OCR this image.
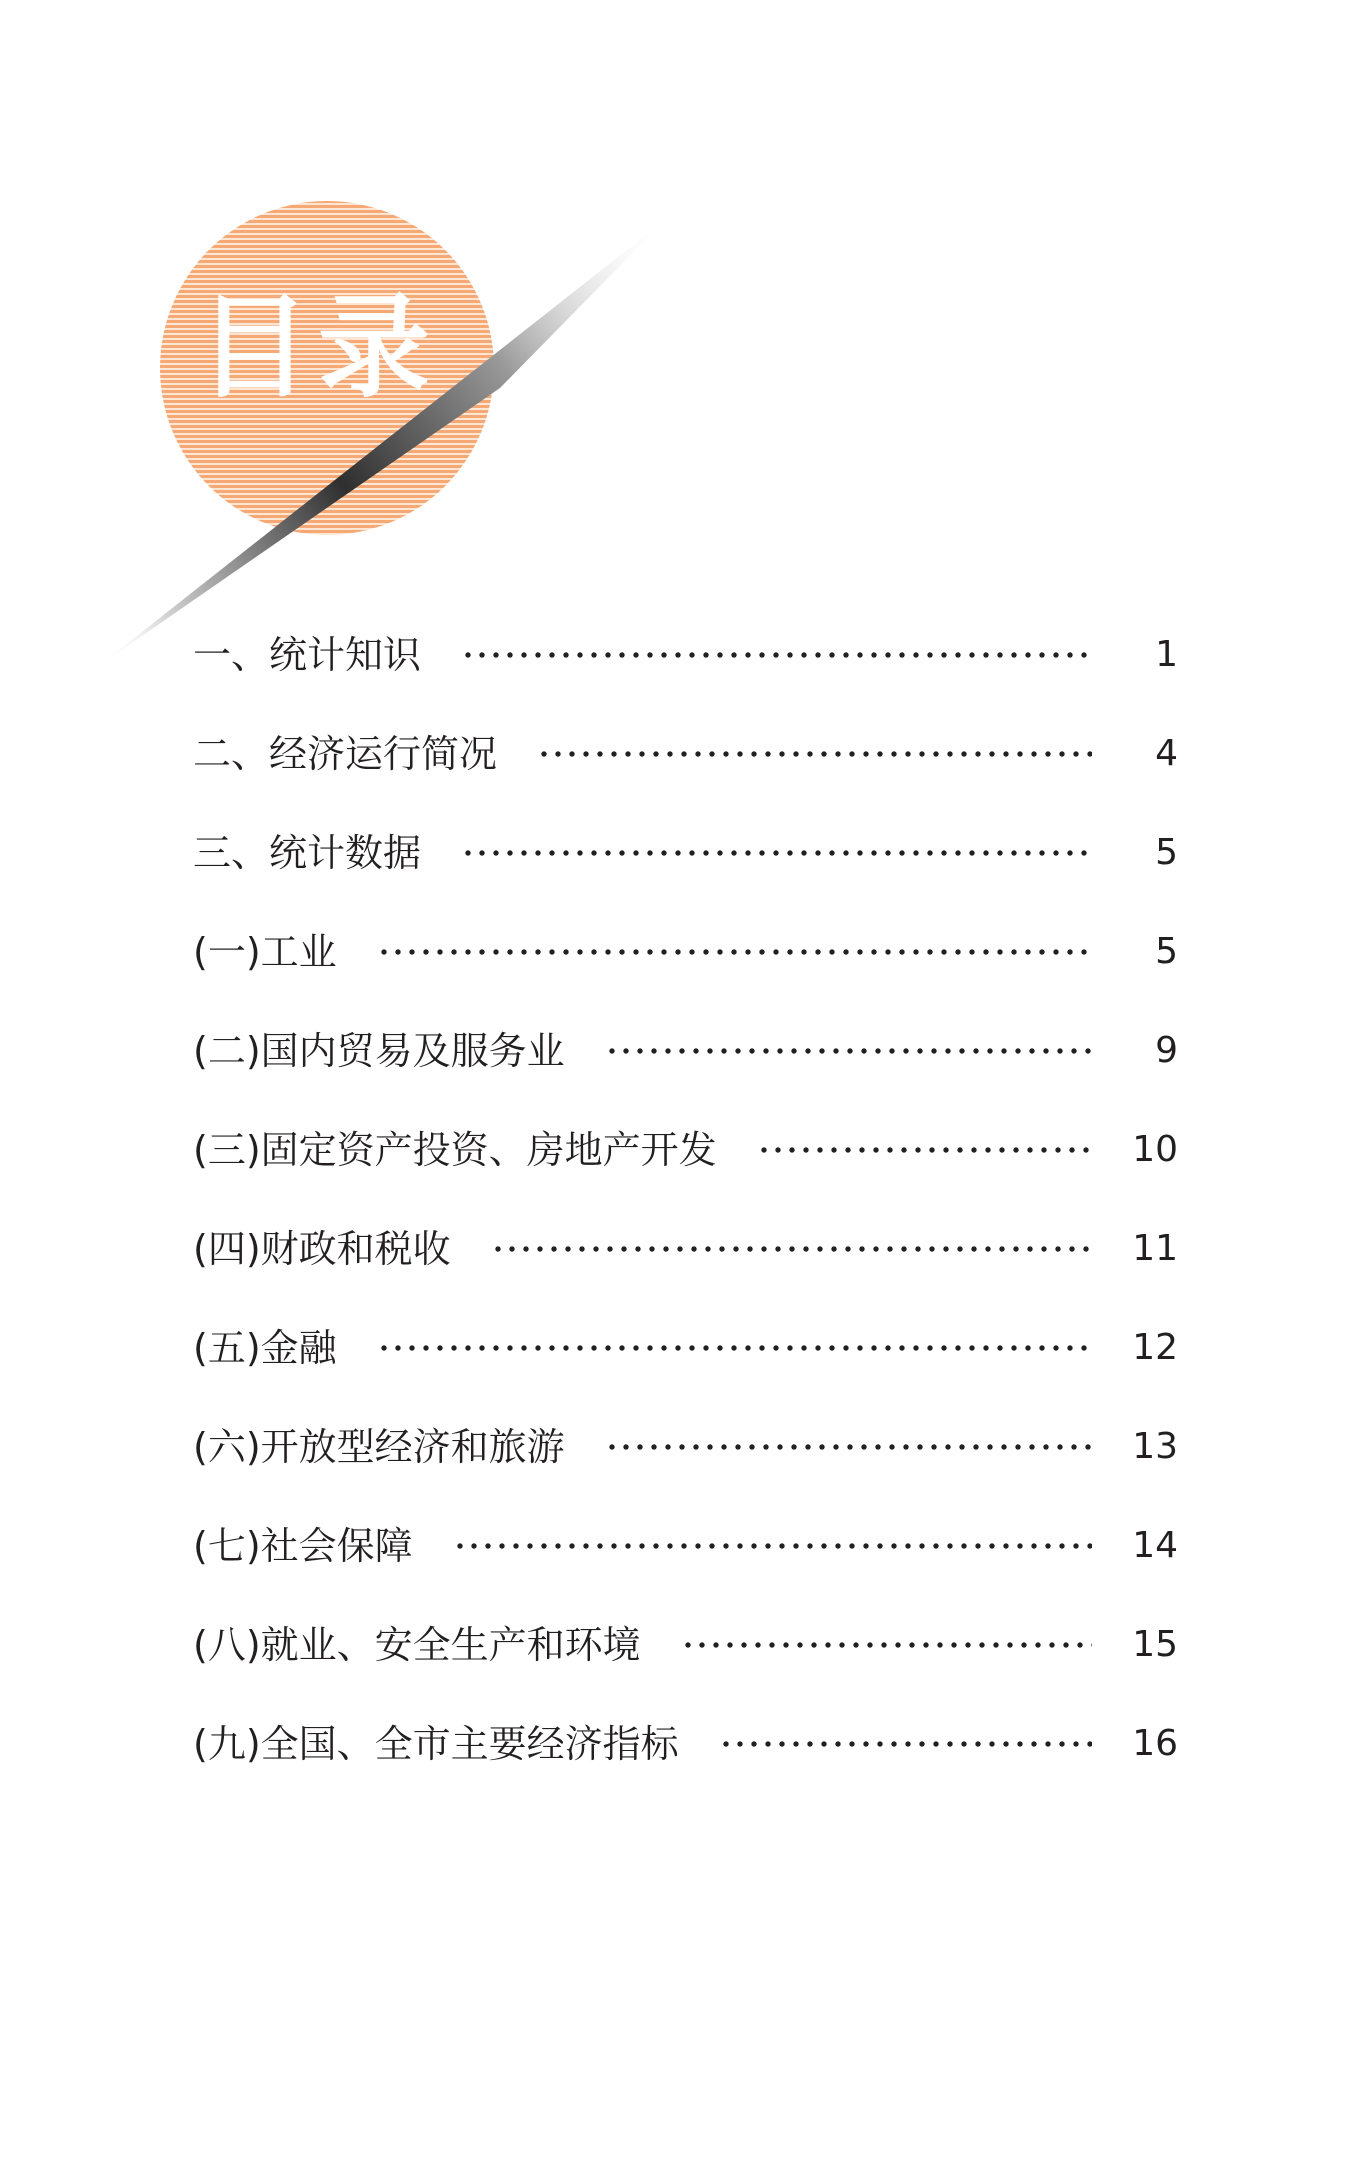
目录
一、统计知识	1
二、经济运行简况	4
三、统计数据	5
(一)工业	5
(二)国内贸易及服务业	9
(三)固定资产投资、房地产开发	10
(四)财政和税收	11
(五)金融	12
(六)开放型经济和旅游	13
(七)社会保障	14
(八)就业、安全生产和环境	15
(九)全国、全市主要经济指标	16
